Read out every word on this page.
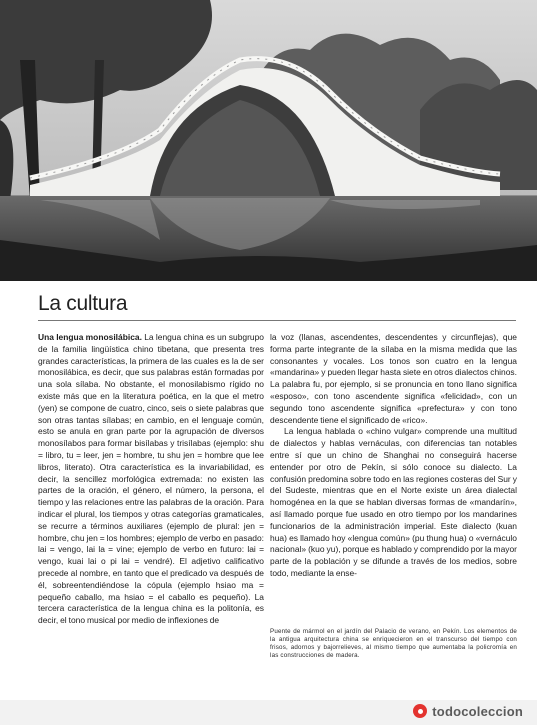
La cultura

Una lengua monosilábica. La lengua china es un subgrupo de la familia lingüística chino tibetana, que presenta tres grandes características, la primera de las cuales es la de ser monosilábica, es decir, que sus palabras están formadas por una sola sílaba. No obstante, el monosilabismo rígido no existe más que en la literatura poética, en la que el metro (yen) se compone de cuatro, cinco, seis o siete palabras que son otras tantas sílabas; en cambio, en el lenguaje común, esto se anula en gran parte por la agrupación de diversos monosílabos para formar bisílabas y trisílabas (ejemplo: shu = libro, tu = leer, jen = hombre, tu shu jen = hombre que lee libros, literato). Otra característica es la invariabilidad, es decir, la sencillez morfológica extremada: no existen las partes de la oración, el género, el número, la persona, el tiempo y las relaciones entre las palabras de la oración. Para indicar el plural, los tiempos y otras categorías gramaticales, se recurre a términos auxiliares (ejemplo de plural: jen = hombre, chu jen = los hombres; ejemplo de verbo en pasado: lai = vengo, lai la = vine; ejemplo de verbo en futuro: lai = vengo, kuai lai o pi lai = vendré). El adjetivo calificativo precede al nombre, en tanto que el predicado va después de él, sobreentendiéndose la cópula (ejemplo hsiao ma = pequeño caballo, ma hsiao = el caballo es pequeño). La tercera característica de la lengua china es la politonía, es decir, el tono musical por medio de inflexiones de

la voz (llanas, ascendentes, descendentes y circunflejas), que forma parte integrante de la sílaba en la misma medida que las consonantes y vocales. Los tonos son cuatro en la lengua «mandarina» y pueden llegar hasta siete en otros dialectos chinos. La palabra fu, por ejemplo, si se pronuncia en tono llano significa «esposo», con tono ascendente significa «felicidad», con un segundo tono ascendente significa «prefectura» y con tono descendente tiene el significado de «rico».

La lengua hablada o «chino vulgar» comprende una multitud de dialectos y hablas vernáculas, con diferencias tan notables entre sí que un chino de Shanghai no conseguirá hacerse entender por otro de Pekín, si sólo conoce su dialecto. La confusión predomina sobre todo en las regiones costeras del Sur y del Sudeste, mientras que en el Norte existe un área dialectal homogénea en la que se hablan diversas formas de «mandarín», así llamado porque fue usado en otro tiempo por los mandarines funcionarios de la administración imperial. Este dialecto (kuan hua) es llamado hoy «lengua común» (pu thung hua) o «vernáculo nacional» (kuo yu), porque es hablado y comprendido por la mayor parte de la población y se difunde a través de los medios, sobre todo, mediante la ense-

Puente de mármol en el jardín del Palacio de verano, en Pekín. Los elementos de la antigua arquitectura china se enriquecieron en el transcurso del tiempo con frisos, adornos y bajorrelieves, al mismo tiempo que aumentaba la policromía en las construcciones de madera.
todocoleccion
